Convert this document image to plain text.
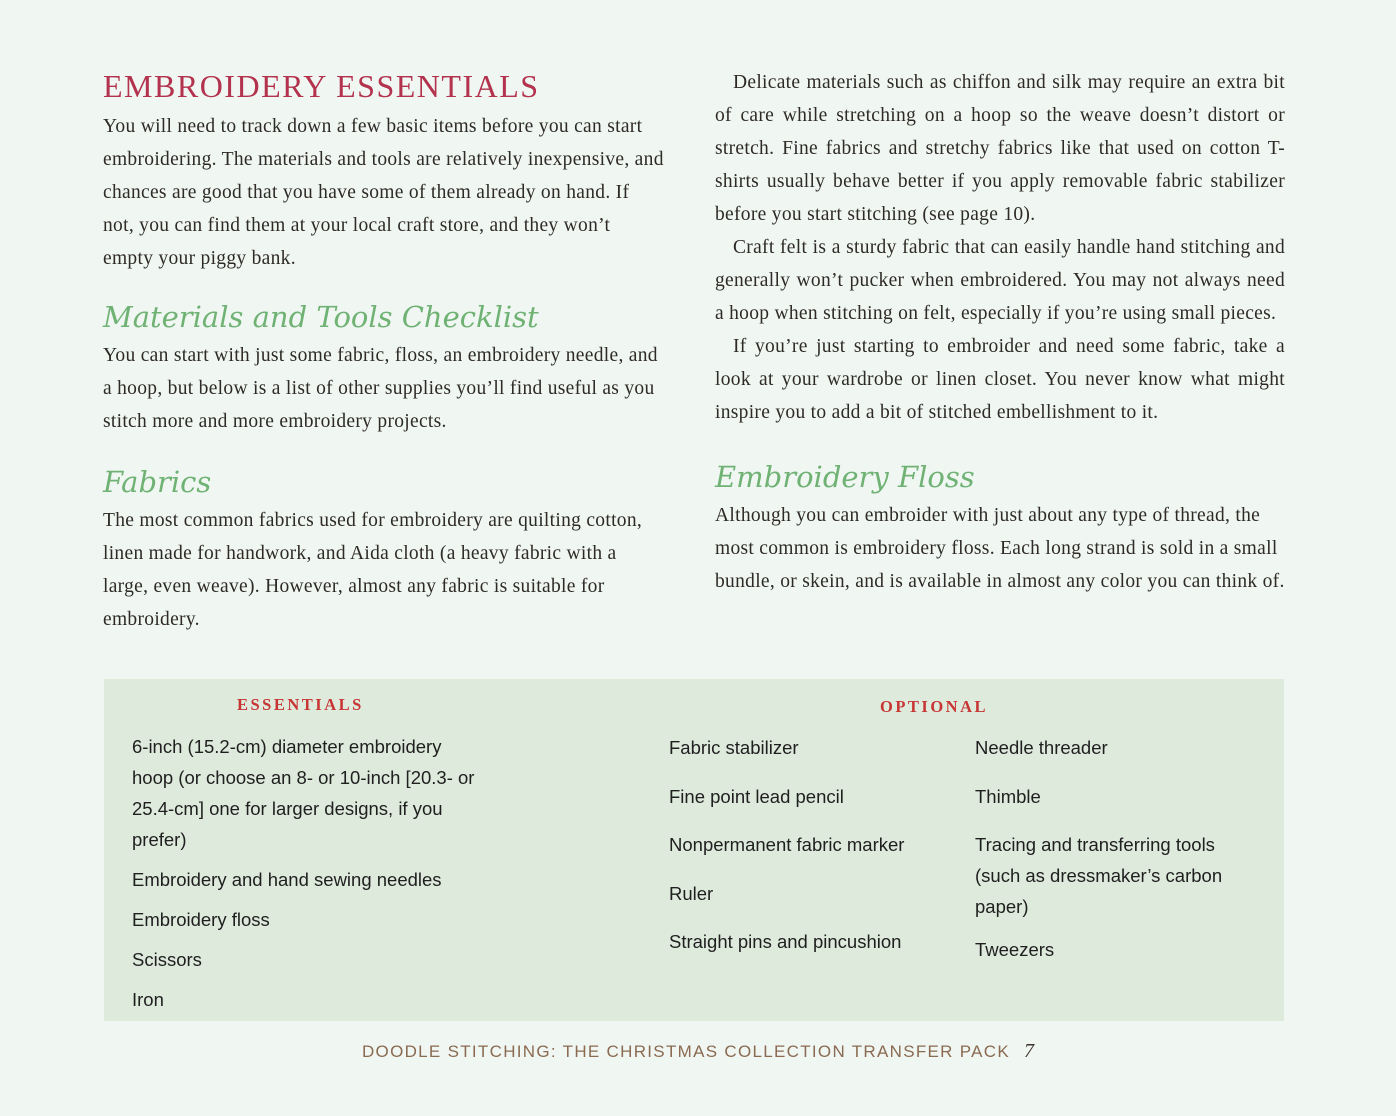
EMBROIDERY ESSENTIALS

You will need to track down a few basic items before you can start embroidering. The materials and tools are relatively inexpensive, and chances are good that you have some of them already on hand. If not, you can find them at your local craft store, and they won’t empty your piggy bank.

Materials and Tools Checklist

You can start with just some fabric, floss, an embroidery needle, and a hoop, but below is a list of other supplies you’ll find useful as you stitch more and more embroidery projects.

Fabrics

The most common fabrics used for embroidery are quilting cotton, linen made for handwork, and Aida cloth (a heavy fabric with a large, even weave). However, almost any fabric is suitable for embroidery.

Delicate materials such as chiffon and silk may require an extra bit of care while stretching on a hoop so the weave doesn’t distort or stretch. Fine fabrics and stretchy fabrics like that used on cotton T-shirts usually behave better if you apply removable fabric stabilizer before you start stitching (see page 10).

Craft felt is a sturdy fabric that can easily handle hand stitching and generally won’t pucker when embroidered. You may not always need a hoop when stitching on felt, especially if you’re using small pieces.

If you’re just starting to embroider and need some fabric, take a look at your wardrobe or linen closet. You never know what might inspire you to add a bit of stitched embellishment to it.

Embroidery Floss

Although you can embroider with just about any type of thread, the most common is embroidery floss. Each long strand is sold in a small bundle, or skein, and is available in almost any color you can think of.

ESSENTIALS

6-inch (15.2-cm) diameter embroidery hoop (or choose an 8- or 10-inch [20.3- or 25.4-cm] one for larger designs, if you prefer)

Embroidery and hand sewing needles

Embroidery floss

Scissors

Iron

OPTIONAL

Fabric stabilizer

Fine point lead pencil

Nonpermanent fabric marker

Ruler

Straight pins and pincushion

Needle threader

Thimble

Tracing and transferring tools (such as dressmaker’s carbon paper)

Tweezers

DOODLE STITCHING: THE CHRISTMAS COLLECTION TRANSFER PACK 7
